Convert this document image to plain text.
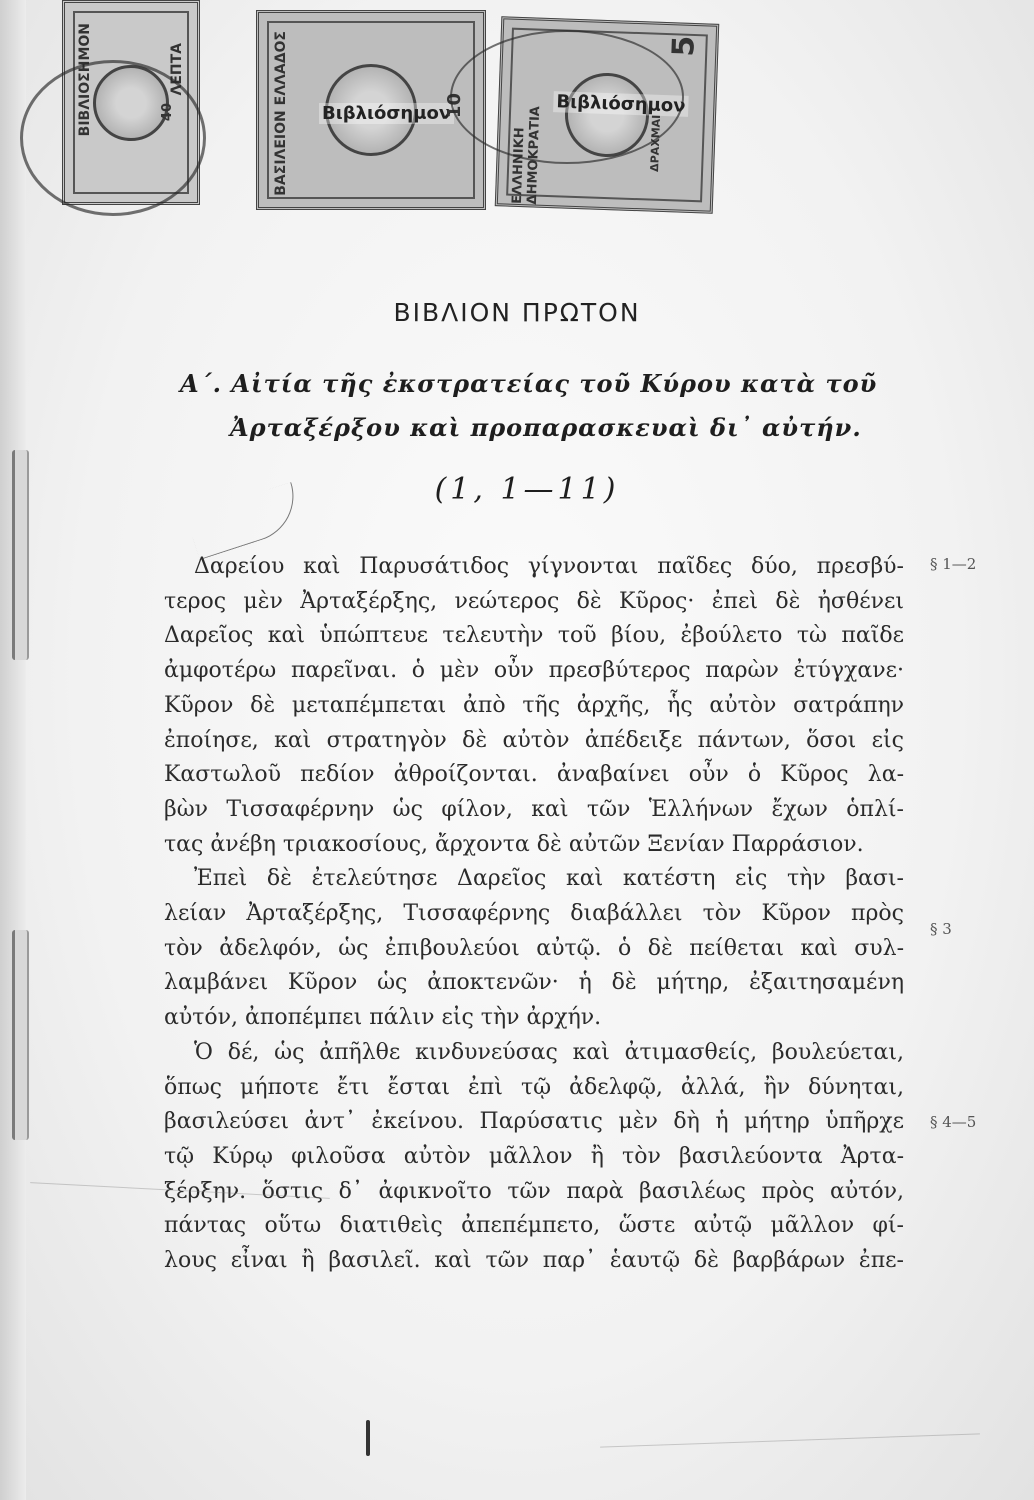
ΒΙΒΛΙΟΣΗΜΟΝ	ΛΕΠΤΑ
40	ΒΑΣΙΛΕΙΟΝ ΕΛΛΑΔΟΣ Βιβλιόσημον
10
ΕΛΛΗΝΙΚΗ ΔΗΜΟΚΡΑΤΙΑ
Βιβλιόσημον
5
ΔΡΑΧΜΑΙ
ΒΙΒΛΙΟΝ ΠΡΩΤΟΝ
Α΄. Αἰτία τῆς ἐκστρατείας τοῦ Κύρου κατὰ τοῦ
Ἀρταξέρξου καὶ προπαρασκευαὶ δι᾽ αὐτήν.
(1, 1—11)
Δαρείου καὶ Παρυσάτιδος γίγνονται παῖδες δύο, πρεσβύ-
τερος μὲν Ἀρταξέρξης, νεώτερος δὲ Κῦρος· ἐπεὶ δὲ ἠσθένει
Δαρεῖος καὶ ὑπώπτευε τελευτὴν τοῦ βίου, ἐβούλετο τὼ παῖδε
ἀμφοτέρω παρεῖναι. ὁ μὲν οὖν πρεσβύτερος παρὼν ἐτύγχανε·
Κῦρον δὲ μεταπέμπεται ἀπὸ τῆς ἀρχῆς, ἧς αὐτὸν σατράπην
ἐποίησε, καὶ στρατηγὸν δὲ αὐτὸν ἀπέδειξε πάντων, ὅσοι εἰς
Καστωλοῦ πεδίον ἀθροίζονται. ἀναβαίνει οὖν ὁ Κῦρος λα-
βὼν Τισσαφέρνην ὡς φίλον, καὶ τῶν Ἑλλήνων ἔχων ὁπλί-
τας ἀνέβη τριακοσίους, ἄρχοντα δὲ αὐτῶν Ξενίαν Παρράσιον.
Ἐπεὶ δὲ ἐτελεύτησε Δαρεῖος καὶ κατέστη εἰς τὴν βασι-
λείαν Ἀρταξέρξης, Τισσαφέρνης διαβάλλει τὸν Κῦρον πρὸς
τὸν ἀδελφόν, ὡς ἐπιβουλεύοι αὐτῷ. ὁ δὲ πείθεται καὶ συλ-
λαμβάνει Κῦρον ὡς ἀποκτενῶν· ἡ δὲ μήτηρ, ἐξαιτησαμένη
αὐτόν, ἀποπέμπει πάλιν εἰς τὴν ἀρχήν.
Ὁ δέ, ὡς ἀπῆλθε κινδυνεύσας καὶ ἀτιμασθείς, βουλεύεται,
ὅπως μήποτε ἔτι ἔσται ἐπὶ τῷ ἀδελφῷ, ἀλλά, ἢν δύνηται,
βασιλεύσει ἀντ᾽ ἐκείνου. Παρύσατις μὲν δὴ ἡ μήτηρ ὑπῆρχε
τῷ Κύρῳ φιλοῦσα αὐτὸν μᾶλλον ἢ τὸν βασιλεύοντα Ἀρτα-
ξέρξην. ὅστις δ᾽ ἀφικνοῖτο τῶν παρὰ βασιλέως πρὸς αὐτόν,
πάντας οὕτω διατιθεὶς ἀπεπέμπετο, ὥστε αὐτῷ μᾶλλον φί-
λους εἶναι ἢ βασιλεῖ. καὶ τῶν παρ᾽ ἑαυτῷ δὲ βαρβάρων ἐπε-
§ 1—2
§ 3
§ 4—5
